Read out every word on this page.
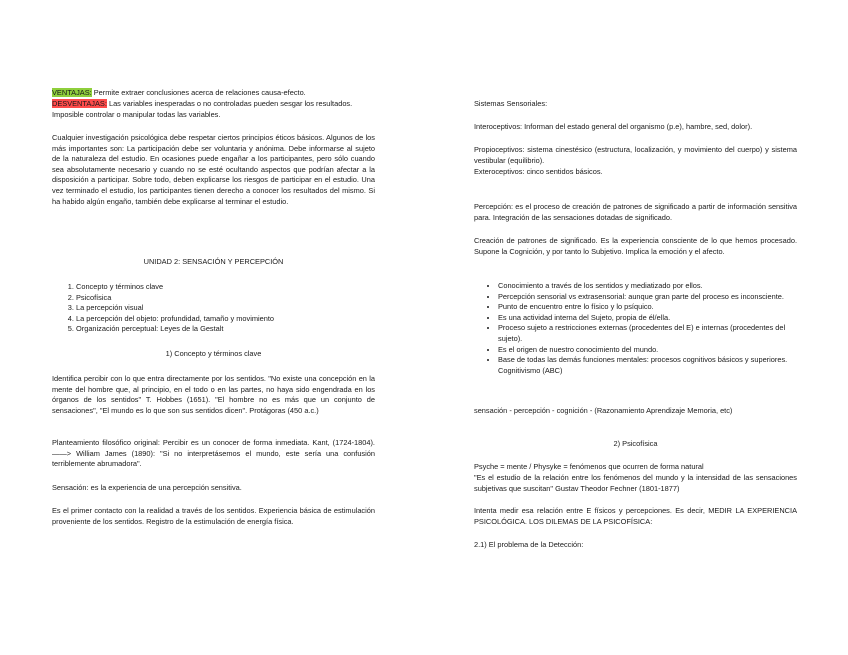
VENTAJAS: Permite extraer conclusiones acerca de relaciones causa-efecto.

DESVENTAJAS: Las variables inesperadas o no controladas pueden sesgar los resultados. Imposible controlar o manipular todas las variables.

Cualquier investigación psicológica debe respetar ciertos principios éticos básicos. Algunos de los más importantes son: La participación debe ser voluntaria y anónima. Debe informarse al sujeto de la naturaleza del estudio. En ocasiones puede engañar a los participantes, pero sólo cuando sea absolutamente necesario y cuando no se esté ocultando aspectos que podrían afectar a la disposición a participar. Sobre todo, deben explicarse los riesgos de participar en el estudio. Una vez terminado el estudio, los participantes tienen derecho a conocer los resultados del mismo. Si ha habido algún engaño, también debe explicarse al terminar el estudio.

UNIDAD 2: SENSACIÓN Y PERCEPCIÓN

1. Concepto y términos clave
2. Psicofísica
3. La percepción visual
4. La percepción del objeto: profundidad, tamaño y movimiento
5. Organización perceptual: Leyes de la Gestalt

1) Concepto y términos clave

Identifica percibir con lo que entra directamente por los sentidos. "No existe una concepción en la mente del hombre que, al principio, en el todo o en las partes, no haya sido engendrada en los órganos de los sentidos" T. Hobbes (1651). "El hombre no es más que un conjunto de sensaciones", "El mundo es lo que son sus sentidos dicen". Protágoras (450 a.c.)

Planteamiento filosófico original: Percibir es un conocer de forma inmediata. Kant, (1724-1804). ——> William James (1890): "Si no interpretásemos el mundo, este sería una confusión terriblemente abrumadora".

Sensación: es la experiencia de una percepción sensitiva.

Es el primer contacto con la realidad a través de los sentidos. Experiencia básica de estimulación proveniente de los sentidos. Registro de la estimulación de energía física.

Sistemas Sensoriales:

Interoceptivos: Informan del estado general del organismo (p.e), hambre, sed, dolor).

Propioceptivos: sistema cinestésico (estructura, localización, y movimiento del cuerpo) y sistema vestibular (equilibrio).

Exteroceptivos: cinco sentidos básicos.

Percepción: es el proceso de creación de patrones de significado a partir de información sensitiva para. Integración de las sensaciones dotadas de significado.

Creación de patrones de significado. Es la experiencia consciente de lo que hemos procesado. Supone la Cognición, y por tanto lo Subjetivo. Implica la emoción y el afecto.

• Conocimiento a través de los sentidos y mediatizado por ellos.
• Percepción sensorial vs extrasensorial: aunque gran parte del proceso es inconsciente.
• Punto de encuentro entre lo físico y lo psíquico.
• Es una actividad interna del Sujeto, propia de él/ella.
• Proceso sujeto a restricciones externas (procedentes del E) e internas (procedentes del sujeto).
• Es el origen de nuestro conocimiento del mundo.
• Base de todas las demás funciones mentales: procesos cognitivos básicos y superiores. Cognitivismo (ABC)

sensación - percepción - cognición - (Razonamiento Aprendizaje Memoria, etc)

2) Psicofísica

Psyche = mente / Physyke = fenómenos que ocurren de forma natural

"Es el estudio de la relación entre los fenómenos del mundo y la intensidad de las sensaciones subjetivas que suscitan" Gustav Theodor Fechner (1801-1877)

Intenta medir esa relación entre E físicos y percepciones. Es decir, MEDIR LA EXPERIENCIA PSICOLÓGICA. LOS DILEMAS DE LA PSICOFÍSICA:

2.1) El problema de la Detección:
